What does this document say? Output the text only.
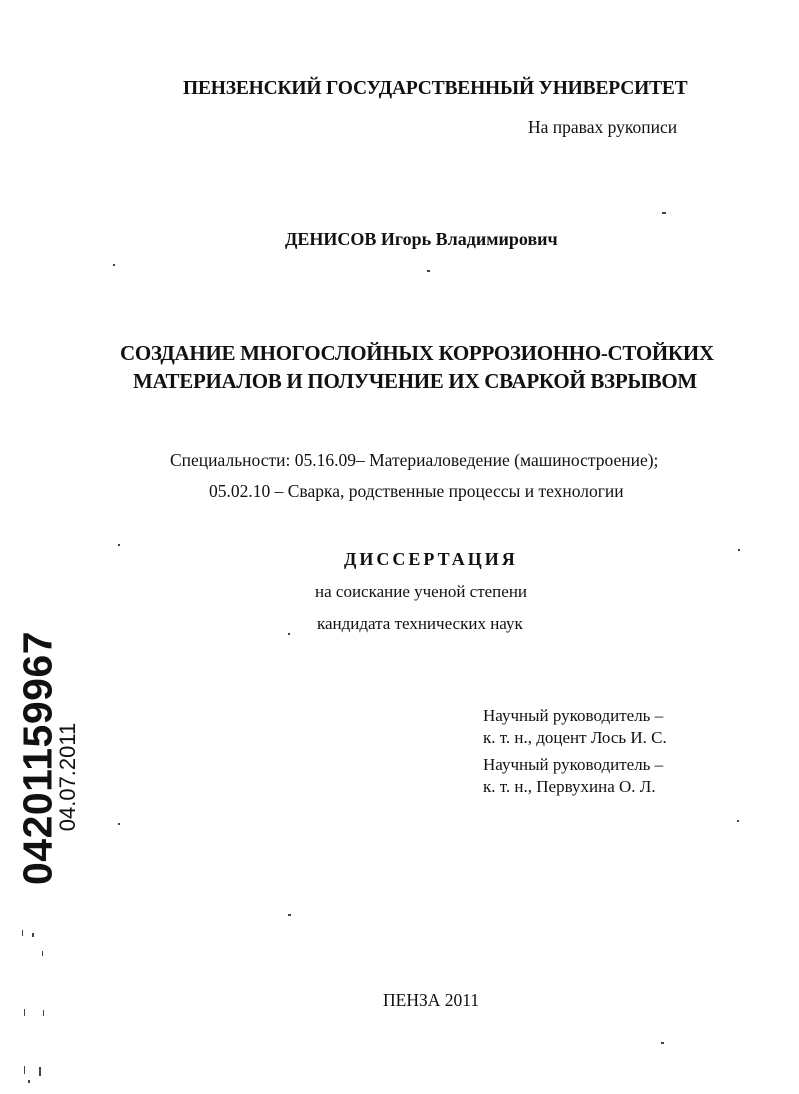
ПЕНЗЕНСКИЙ ГОСУДАРСТВЕННЫЙ УНИВЕРСИТЕТ
На правах рукописи
ДЕНИСОВ Игорь Владимирович
СОЗДАНИЕ МНОГОСЛОЙНЫХ КОРРОЗИОННО-СТОЙКИХ
МАТЕРИАЛОВ И ПОЛУЧЕНИЕ ИХ СВАРКОЙ ВЗРЫВОМ
Специальности: 05.16.09– Материаловедение (машиностроение);
05.02.10 – Сварка, родственные процессы и технологии
ДИССЕРТАЦИЯ
на соискание ученой степени
кандидата технических наук
Научный руководитель –
к. т. н., доцент Лось И. С.
Научный руководитель –
к. т. н., Первухина О. Л.
ПЕНЗА 2011
04201159967
04.07.2011
